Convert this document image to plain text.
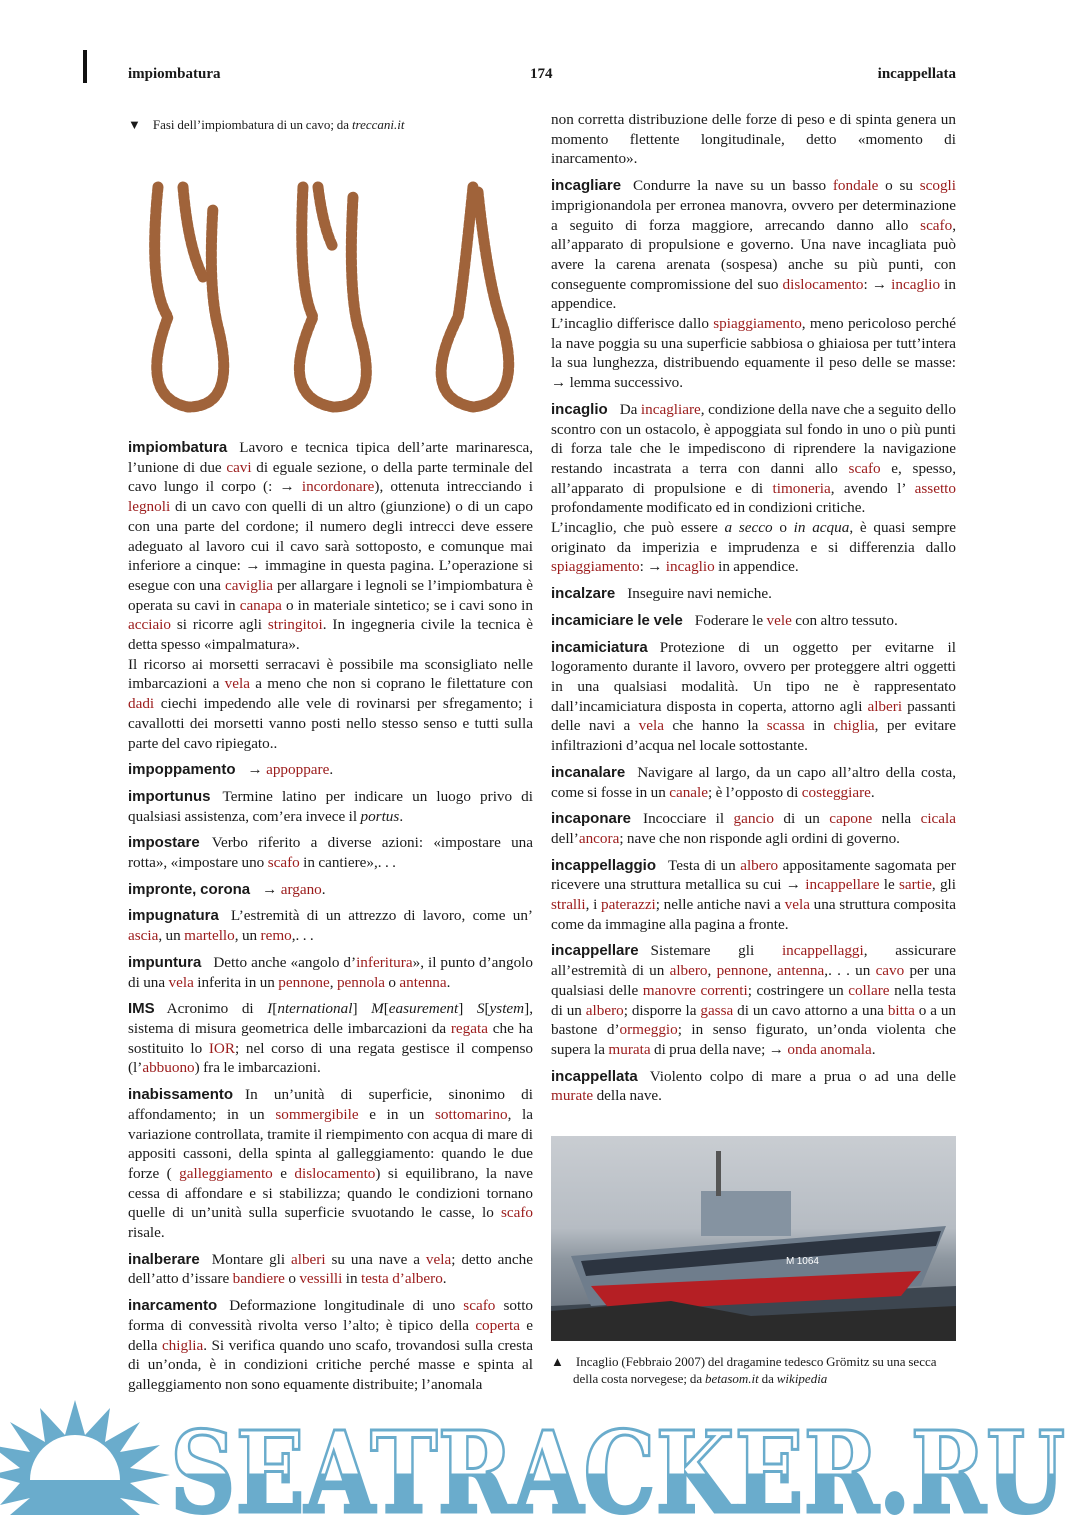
impiombatura	174	incappellata
▼ Fasi dell’impiombatura di un cavo; da treccani.it

impiombatura Lavoro e tecnica tipica dell’arte marinaresca, l’unione di due cavi di eguale sezione, o della parte terminale del cavo lungo il corpo (: → incordonare), ottenuta intrecciando i legnoli di un cavo con quelli di un altro (giunzione) o di un capo con una parte del cordone; il numero degli intrecci deve essere adeguato al lavoro cui il cavo sarà sottoposto, e comunque mai inferiore a cinque: → immagine in questa pagina. L’operazione si esegue con una caviglia per allargare i legnoli se l’impiombatura è operata su cavi in canapa o in materiale sintetico; se i cavi sono in acciaio si ricorre agli stringitoi. In ingegneria civile la tecnica è detta spesso «impalmatura».

Il ricorso ai morsetti serracavi è possibile ma sconsigliato nelle imbarcazioni a vela a meno che non si coprano le filettature con dadi ciechi impedendo alle vele di rovinarsi per sfregamento; i cavallotti dei morsetti vanno posti nello stesso senso e tutti sulla parte del cavo ripiegato..

impoppamento → appoppare.

importunus Termine latino per indicare un luogo privo di qualsiasi assistenza, com’era invece il portus.

impostare Verbo riferito a diverse azioni: «impostare una rotta», «impostare uno scafo in cantiere»,. . .

impronte, corona → argano.

impugnatura L’estremità di un attrezzo di lavoro, come un’ ascia, un martello, un remo,. . .

impuntura Detto anche «angolo d’inferitura», il punto d’angolo di una vela inferita in un pennone, pennola o antenna.

IMS Acronimo di I[nternational] M[easurement] S[ystem], sistema di misura geometrica delle imbarcazioni da regata che ha sostituito lo IOR; nel corso di una regata gestisce il compenso (l’abbuono) fra le imbarcazioni.

inabissamento In un’unità di superficie, sinonimo di affondamento; in un sommergibile e in un sottomarino, la variazione controllata, tramite il riempimento con acqua di mare di appositi cassoni, della spinta al galleggiamento: quando le due forze ( galleggiamento e dislocamento) si equilibrano, la nave cessa di affondare e si stabilizza; quando le condizioni tornano quelle di un’unità sulla superficie svuotando le casse, lo scafo risale.

inalberare Montare gli alberi su una nave a vela; detto anche dell’atto d’issare bandiere o vessilli in testa d’albero.

inarcamento Deformazione longitudinale di uno scafo sotto forma di convessità rivolta verso l’alto; è tipico della coperta e della chiglia. Si verifica quando uno scafo, trovandosi sulla cresta di un’onda, è in condizioni critiche perché masse e spinta al galleggiamento non sono equamente distribuite; l’anomala

non corretta distribuzione delle forze di peso e di spinta genera un momento flettente longitudinale, detto «momento di inarcamento».

incagliare Condurre la nave su un basso fondale o su scogli imprigionandola per erronea manovra, ovvero per determinazione a seguito di forza maggiore, arrecando danno allo scafo, all’apparato di propulsione e governo. Una nave incagliata può avere la carena arenata (sospesa) anche su più punti, con conseguente compromissione del suo dislocamento: → incaglio in appendice.

L’incaglio differisce dallo spiaggiamento, meno pericoloso perché la nave poggia su una superficie sabbiosa o ghiaiosa per tutt’intera la sua lunghezza, distribuendo equamente il peso delle se masse: → lemma successivo.

incaglio Da incagliare, condizione della nave che a seguito dello scontro con un ostacolo, è appoggiata sul fondo in uno o più punti di forza tale che le impediscono di riprendere la navigazione restando incastrata a terra con danni allo scafo e, spesso, all’apparato di propulsione e di timoneria, avendo l’ assetto profondamente modificato ed in condizioni critiche.

L’incaglio, che può essere a secco o in acqua, è quasi sempre originato da imperizia e imprudenza e si differenzia dallo spiaggiamento: → incaglio in appendice.

incalzare Inseguire navi nemiche.

incamiciare le vele Foderare le vele con altro tessuto.

incamiciatura Protezione di un oggetto per evitarne il logoramento durante il lavoro, ovvero per proteggere altri oggetti in una qualsiasi modalità. Un tipo ne è rappresentato dall’incamiciatura disposta in coperta, attorno agli alberi passanti delle navi a vela che hanno la scassa in chiglia, per evitare infiltrazioni d’acqua nel locale sottostante.

incanalare Navigare al largo, da un capo all’altro della costa, come si fosse in un canale; è l’opposto di costeggiare.

incaponare Incocciare il gancio di un capone nella cicala dell’ancora; nave che non risponde agli ordini di governo.

incappellaggio Testa di un albero appositamente sagomata per ricevere una struttura metallica su cui → incappellare le sartie, gli stralli, i paterazzi; nelle antiche navi a vela una struttura composita come da immagine alla pagina a fronte.

incappellare Sistemare gli incappellaggi, assicurare all’estremità di un albero, pennone, antenna,. . . un cavo per una qualsiasi delle manovre correnti; costringere un collare nella testa di un albero; disporre la gassa di un cavo attorno a una bitta o a un bastone d’ormeggio; in senso figurato, un’onda violenta che supera la murata di prua della nave; → onda anomala.

incappellata Violento colpo di mare a prua o ad una delle murate della nave.

M 1064
▲ Incaglio (Febbraio 2007) del dragamine tedesco Grömitz su una secca della costa norvegese; da betasom.it da wikipedia
SEATRACKER.RU
